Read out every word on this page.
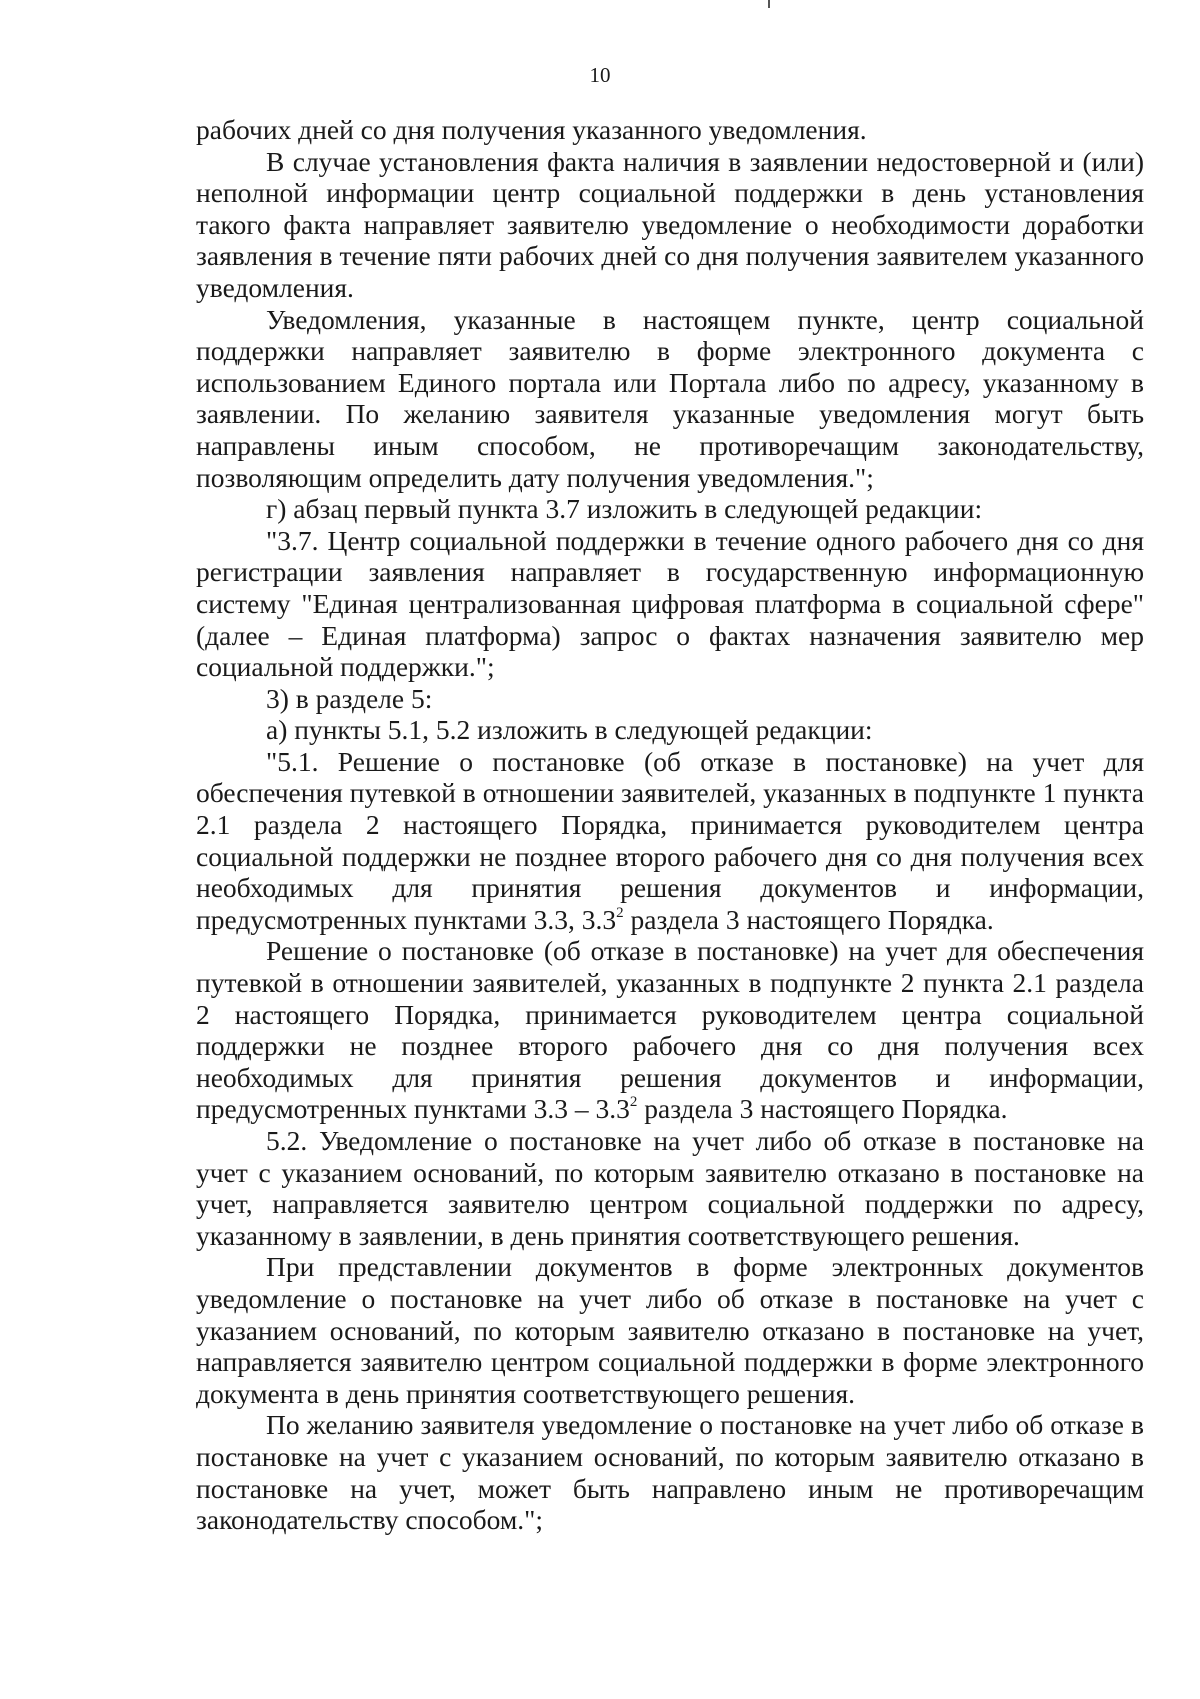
10

рабочих дней со дня получения указанного уведомления.

В случае установления факта наличия в заявлении недостоверной и (или) неполной информации центр социальной поддержки в день установления такого факта направляет заявителю уведомление о необходимости доработки заявления в течение пяти рабочих дней со дня получения заявителем указанного уведомления.

Уведомления, указанные в настоящем пункте, центр социальной поддержки направляет заявителю в форме электронного документа с использованием Единого портала или Портала либо по адресу, указанному в заявлении. По желанию заявителя указанные уведомления могут быть направлены иным способом, не противоречащим законодательству, позволяющим определить дату получения уведомления.";

г) абзац первый пункта 3.7 изложить в следующей редакции:

"3.7. Центр социальной поддержки в течение одного рабочего дня со дня регистрации заявления направляет в государственную информационную систему "Единая централизованная цифровая платформа в социальной сфере" (далее – Единая платформа) запрос о фактах назначения заявителю мер социальной поддержки.";

3) в разделе 5:

а) пункты 5.1, 5.2 изложить в следующей редакции:

"5.1. Решение о постановке (об отказе в постановке) на учет для обеспечения путевкой в отношении заявителей, указанных в подпункте 1 пункта 2.1 раздела 2 настоящего Порядка, принимается руководителем центра социальной поддержки не позднее второго рабочего дня со дня получения всех необходимых для принятия решения документов и информации, предусмотренных пунктами 3.3, $3.3^2$ раздела 3 настоящего Порядка.

Решение о постановке (об отказе в постановке) на учет для обеспечения путевкой в отношении заявителей, указанных в подпункте 2 пункта 2.1 раздела 2 настоящего Порядка, принимается руководителем центра социальной поддержки не позднее второго рабочего дня со дня получения всех необходимых для принятия решения документов и информации, предусмотренных пунктами $3.3 - 3.3^2$ раздела 3 настоящего Порядка.

5.2. Уведомление о постановке на учет либо об отказе в постановке на учет с указанием оснований, по которым заявителю отказано в постановке на учет, направляется заявителю центром социальной поддержки по адресу, указанному в заявлении, в день принятия соответствующего решения.

При представлении документов в форме электронных документов уведомление о постановке на учет либо об отказе в постановке на учет с указанием оснований, по которым заявителю отказано в постановке на учет, направляется заявителю центром социальной поддержки в форме электронного документа в день принятия соответствующего решения.

По желанию заявителя уведомление о постановке на учет либо об отказе в постановке на учет с указанием оснований, по которым заявителю отказано в постановке на учет, может быть направлено иным не противоречащим законодательству способом.";
